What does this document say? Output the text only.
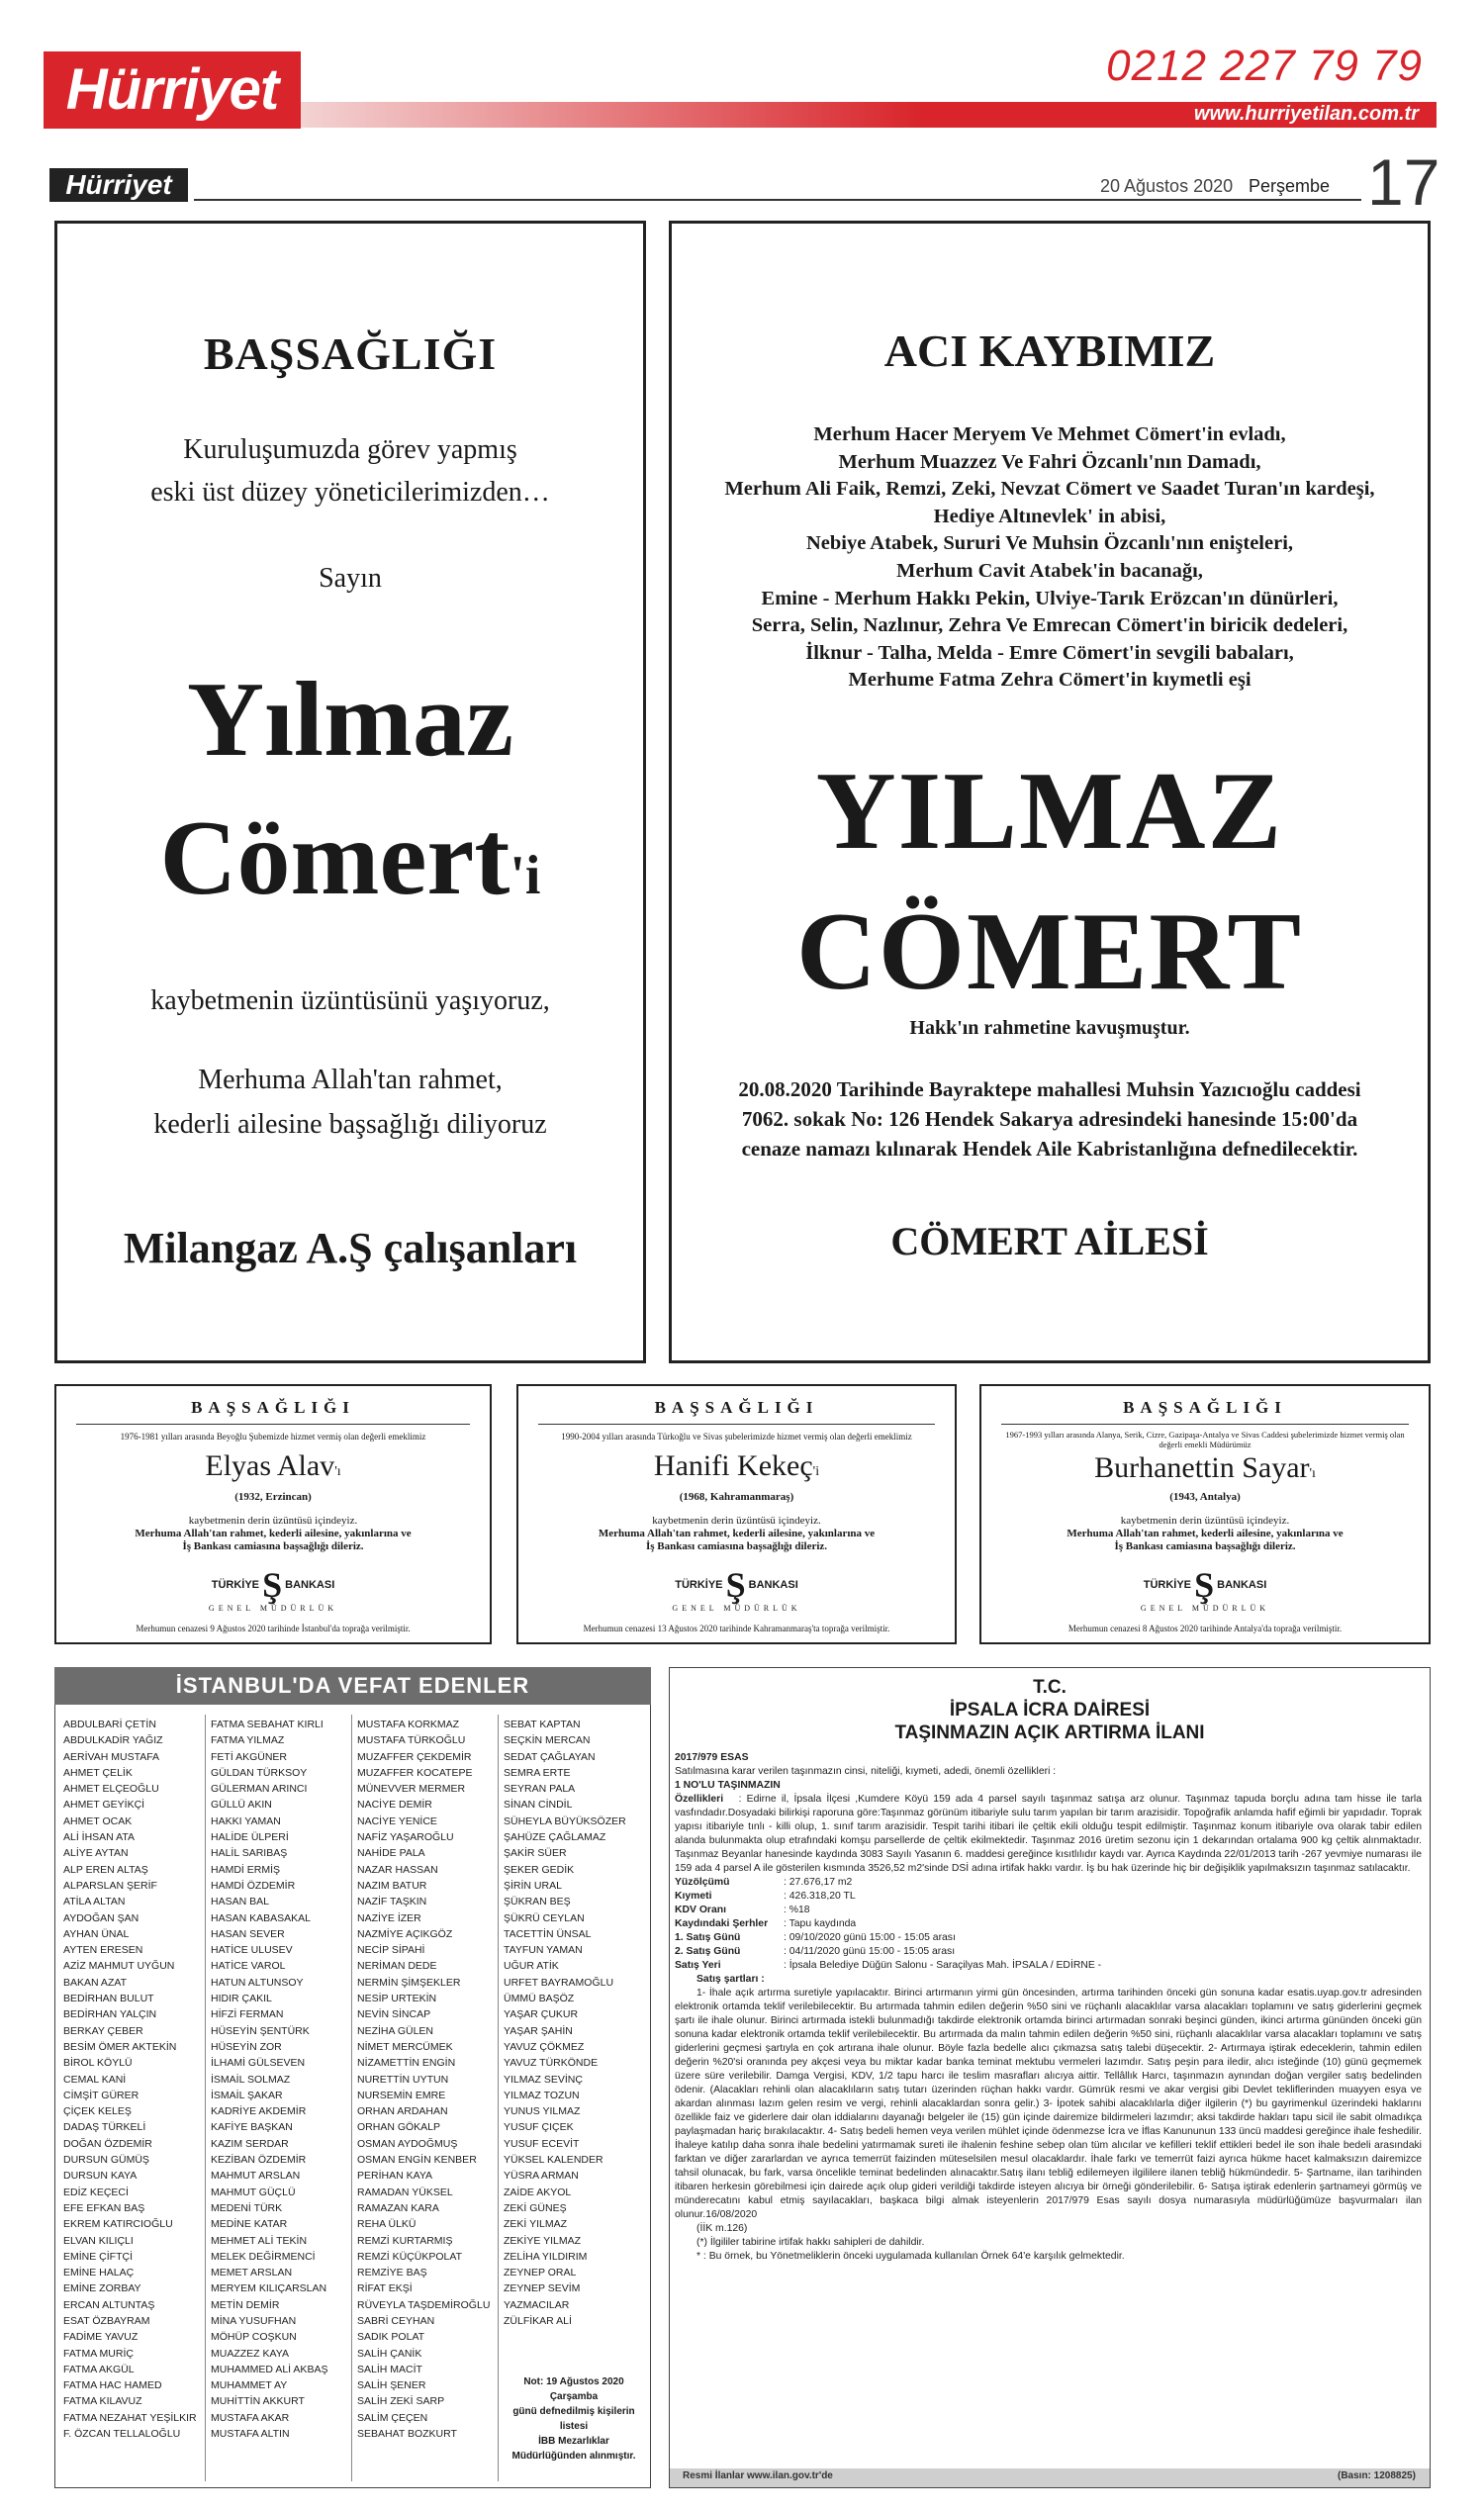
Hürriyet	0212 227 79 79
www.hurriyetilan.com.tr
Hürriyet	20 Ağustos 2020 Perşembe 17
BAŞSAĞLIĞI
Kuruluşumuzda görev yapmış
eski üst düzey yöneticilerimizden…
Sayın
Yılmaz
Cömert'i
kaybetmenin üzüntüsünü yaşıyoruz,
Merhuma Allah'tan rahmet,
kederli ailesine başsağlığı diliyoruz
Milangaz A.Ş çalışanları
ACI KAYBIMIZ
Merhum Hacer Meryem Ve Mehmet Cömert'in evladı,
Merhum Muazzez Ve Fahri Özcanlı'nın Damadı,
Merhum Ali Faik, Remzi, Zeki, Nevzat Cömert ve Saadet Turan'ın kardeşi,
Hediye Altınevlek' in abisi,
Nebiye Atabek, Sururi Ve Muhsin Özcanlı'nın enişteleri,
Merhum Cavit Atabek'in bacanağı,
Emine - Merhum Hakkı Pekin, Ulviye-Tarık Erözcan'ın dünürleri,
Serra, Selin, Nazlınur, Zehra Ve Emrecan Cömert'in biricik dedeleri,
İlknur - Talha, Melda - Emre Cömert'in sevgili babaları,
Merhume Fatma Zehra Cömert'in kıymetli eşi
YILMAZ
CÖMERT
Hakk'ın rahmetine kavuşmuştur.
20.08.2020 Tarihinde Bayraktepe mahallesi Muhsin Yazıcıoğlu caddesi
7062. sokak No: 126 Hendek Sakarya adresindeki hanesinde 15:00'da
cenaze namazı kılınarak Hendek Aile Kabristanlığına defnedilecektir.
CÖMERT AİLESİ
BAŞSAĞLIĞI
1976-1981 yılları arasında Beyoğlu Şubemizde hizmet vermiş olan değerli emeklimiz
Elyas Alav'ı
(1932, Erzincan)
kaybetmenin derin üzüntüsü içindeyiz.
Merhuma Allah'tan rahmet, kederli ailesine, yakınlarına ve
İş Bankası camiasına başsağlığı dileriz.
TÜRKİYE Ş BANKASI
GENEL MÜDÜRLÜK
Merhumun cenazesi 9 Ağustos 2020 tarihinde İstanbul'da toprağa verilmiştir.
BAŞSAĞLIĞI
1990-2004 yılları arasında Türkoğlu ve Sivas şubelerimizde hizmet vermiş olan değerli emeklimiz
Hanifi Kekeç'i
(1968, Kahramanmaraş)
kaybetmenin derin üzüntüsü içindeyiz.
Merhuma Allah'tan rahmet, kederli ailesine, yakınlarına ve
İş Bankası camiasına başsağlığı dileriz.
TÜRKİYE Ş BANKASI
GENEL MÜDÜRLÜK
Merhumun cenazesi 13 Ağustos 2020 tarihinde Kahramanmaraş'ta toprağa verilmiştir.
BAŞSAĞLIĞI
1967-1993 yılları arasında Alanya, Serik, Cizre, Gazipaşa-Antalya ve Sivas Caddesi şubelerimizde hizmet vermiş olan değerli emekli Müdürümüz
Burhanettin Sayar'ı
(1943, Antalya)
kaybetmenin derin üzüntüsü içindeyiz.
Merhuma Allah'tan rahmet, kederli ailesine, yakınlarına ve
İş Bankası camiasına başsağlığı dileriz.
TÜRKİYE Ş BANKASI
GENEL MÜDÜRLÜK
Merhumun cenazesi 8 Ağustos 2020 tarihinde Antalya'da toprağa verilmiştir.
İSTANBUL'DA VEFAT EDENLER
ABDULBARİ ÇETİN
ABDULKADİR YAĞIZ
AERİVAH MUSTAFA
AHMET ÇELİK
AHMET ELÇEOĞLU
AHMET GEYİKÇİ
AHMET OCAK
ALİ İHSAN ATA
ALİYE AYTAN
ALP EREN ALTAŞ
ALPARSLAN ŞERİF
ATİLA ALTAN
AYDOĞAN ŞAN
AYHAN ÜNAL
AYTEN ERESEN
AZİZ MAHMUT UYĞUN
BAKAN AZAT
BEDİRHAN BULUT
BEDİRHAN YALÇIN
BERKAY ÇEBER
BESİM ÖMER AKTEKİN
BİROL KÖYLÜ
CEMAL KANİ
CİMŞİT GÜRER
ÇİÇEK KELEŞ
DADAŞ TÜRKELİ
DOĞAN ÖZDEMİR
DURSUN GÜMÜŞ
DURSUN KAYA
EDİZ KEÇECİ
EFE EFKAN BAŞ
EKREM KATIRCIOĞLU
ELVAN KILIÇLI
EMİNE ÇİFTÇİ
EMİNE HALAÇ
EMİNE ZORBAY
ERCAN ALTUNTAŞ
ESAT ÖZBAYRAM
FADİME YAVUZ
FATMA MURİÇ
FATMA AKGÜL
FATMA HAC HAMED
FATMA KILAVUZ
FATMA NEZAHAT YEŞİLKIR
F. ÖZCAN TELLALOĞLU
FATMA SEBAHAT KIRLI
FATMA YILMAZ
FETİ AKGÜNER
GÜLDAN TÜRKSOY
GÜLERMAN ARINCI
GÜLLÜ AKIN
HAKKI YAMAN
HALİDE ÜLPERİ
HALİL SARIBAŞ
HAMDİ ERMİŞ
HAMDİ ÖZDEMİR
HASAN BAL
HASAN KABASAKAL
HASAN SEVER
HATİCE ULUSEV
HATİCE VAROL
HATUN ALTUNSOY
HIDIR ÇAKIL
HİFZİ FERMAN
HÜSEYİN ŞENTÜRK
HÜSEYİN ZOR
İLHAMİ GÜLSEVEN
İSMAİL SOLMAZ
İSMAİL ŞAKAR
KADRİYE AKDEMİR
KAFİYE BAŞKAN
KAZIM SERDAR
KEZİBAN ÖZDEMİR
MAHMUT ARSLAN
MAHMUT GÜÇLÜ
MEDENİ TÜRK
MEDİNE KATAR
MEHMET ALİ TEKİN
MELEK DEĞİRMENCİ
MEMET ARSLAN
MERYEM KILIÇARSLAN
METİN DEMİR
MİNA YUSUFHAN
MÖHÜP COŞKUN
MUAZZEZ KAYA
MUHAMMED ALİ AKBAŞ
MUHAMMET AY
MUHİTTİN AKKURT
MUSTAFA AKAR
MUSTAFA ALTIN
MUSTAFA KORKMAZ
MUSTAFA TÜRKOĞLU
MUZAFFER ÇEKDEMİR
MUZAFFER KOCATEPE
MÜNEVVER MERMER
NACİYE DEMİR
NACİYE YENİCE
NAFİZ YAŞAROĞLU
NAHİDE PALA
NAZAR HASSAN
NAZIM BATUR
NAZİF TAŞKIN
NAZİYE İZER
NAZMİYE AÇIKGÖZ
NECİP SİPAHİ
NERİMAN DEDE
NERMİN ŞİMŞEKLER
NESİP URTEKİN
NEVİN SİNCAP
NEZİHA GÜLEN
NİMET MERCÜMEK
NİZAMETTİN ENGİN
NURETTİN UYTUN
NURSEMİN EMRE
ORHAN ARDAHAN
ORHAN GÖKALP
OSMAN AYDOĞMUŞ
OSMAN ENGİN KENBER
PERİHAN KAYA
RAMADAN YÜKSEL
RAMAZAN KARA
REHA ÜLKÜ
REMZİ KURTARMIŞ
REMZİ KÜÇÜKPOLAT
REMZİYE BAŞ
RİFAT EKŞİ
RÜVEYLA TAŞDEMİROĞLU
SABRİ CEYHAN
SADIK POLAT
SALİH ÇANİK
SALİH MACİT
SALİH ŞENER
SALİH ZEKİ SARP
SALİM ÇEÇEN
SEBAHAT BOZKURT
SEBAT KAPTAN
SEÇKİN MERCAN
SEDAT ÇAĞLAYAN
SEMRA ERTE
SEYRAN PALA
SİNAN CİNDİL
SÜHEYLA BÜYÜKSÖZER
ŞAHÜZE ÇAĞLAMAZ
ŞAKİR SÜER
ŞEKER GEDİK
ŞİRİN URAL
ŞÜKRAN BEŞ
ŞÜKRÜ CEYLAN
TACETTİN ÜNSAL
TAYFUN YAMAN
UĞUR ATİK
URFET BAYRAMOĞLU
ÜMMÜ BAŞÖZ
YAŞAR ÇUKUR
YAŞAR ŞAHİN
YAVUZ ÇÖKMEZ
YAVUZ TÜRKÖNDE
YILMAZ SEVİNÇ
YILMAZ TOZUN
YUNUS YILMAZ
YUSUF ÇIÇEK
YUSUF ECEVİT
YÜKSEL KALENDER
YÜSRA ARMAN
ZAİDE AKYOL
ZEKİ GÜNEŞ
ZEKİ YILMAZ
ZEKİYE YILMAZ
ZELİHA YILDIRIM
ZEYNEP ORAL
ZEYNEP SEVİM
YAZMACILAR
ZÜLFİKAR ALİ
Not: 19 Ağustos 2020 Çarşamba
günü defnedilmiş kişilerin
listesi
İBB Mezarlıklar
Müdürlüğünden alınmıştır.
T.C.
İPSALA İCRA DAİRESİ
TAŞINMAZIN AÇIK ARTIRMA İLANI

2017/979 ESAS

Satılmasına karar verilen taşınmazın cinsi, niteliği, kıymeti, adedi, önemli özellikleri :

1 NO'LU TAŞINMAZIN

Özellikleri : Edirne il, İpsala İlçesi ,Kumdere Köyü 159 ada 4 parsel sayılı taşınmaz satışa arz olunur. Taşınmaz tapuda borçlu adına tam hisse ile tarla vasfındadır.Dosyadaki bilirkişi raporuna göre:Taşınmaz görünüm itibariyle sulu tarım yapılan bir tarım arazisidir. Topoğrafik anlamda hafif eğimli bir yapıdadır. Toprak yapısı itibariyle tınlı - killi olup, 1. sınıf tarım arazisidir. Tespit tarihi itibari ile çeltik ekili olduğu tespit edilmiştir. Taşınmaz konum itibariyle ova olarak tabir edilen alanda bulunmakta olup etrafındaki komşu parsellerde de çeltik ekilmektedir. Taşınmaz 2016 üretim sezonu için 1 dekarından ortalama 900 kg çeltik alınmaktadır. Taşınmaz Beyanlar hanesinde kaydında 3083 Sayılı Yasanın 6. maddesi gereğince kısıtlılıdır kaydı var. Ayrıca Kaydında 22/01/2013 tarih -267 yevmiye numarası ile 159 ada 4 parsel A ile gösterilen kısmında 3526,52 m2'sinde DSİ adına irtifak hakkı vardır. İş bu hak üzerinde hiç bir değişiklik yapılmaksızın taşınmaz satılacaktır.

Yüzölçümü	: 27.676,17 m2
Kıymeti	: 426.318,20 TL
KDV Oranı	: %18
Kaydındaki Şerhler	: Tapu kaydında
1. Satış Günü	: 09/10/2020 günü 15:00 - 15:05 arası
2. Satış Günü	: 04/11/2020 günü 15:00 - 15:05 arası
Satış Yeri	: İpsala Belediye Düğün Salonu - Saraçilyas Mah. İPSALA / EDİRNE -

Satış şartları :

1- İhale açık artırma suretiyle yapılacaktır. Birinci artırmanın yirmi gün öncesinden, artırma tarihinden önceki gün sonuna kadar esatis.uyap.gov.tr adresinden elektronik ortamda teklif verilebilecektir. Bu artırmada tahmin edilen değerin %50 sini ve rüçhanlı alacaklılar varsa alacakları toplamını ve satış giderlerini geçmek şartı ile ihale olunur. Birinci artırmada istekli bulunmadığı takdirde elektronik ortamda birinci artırmadan sonraki beşinci günden, ikinci artırma gününden önceki gün sonuna kadar elektronik ortamda teklif verilebilecektir. Bu artırmada da malın tahmin edilen değerin %50 sini, rüçhanlı alacaklılar varsa alacakları toplamını ve satış giderlerini geçmesi şartıyla en çok artırana ihale olunur. Böyle fazla bedelle alıcı çıkmazsa satış talebi düşecektir. 2- Artırmaya iştirak edeceklerin, tahmin edilen değerin %20'si oranında pey akçesi veya bu miktar kadar banka teminat mektubu vermeleri lazımdır. Satış peşin para iledir, alıcı isteğinde (10) günü geçmemek üzere süre verilebilir. Damga Vergisi, KDV, 1/2 tapu harcı ile teslim masrafları alıcıya aittir. Tellâllık Harcı, taşınmazın aynından doğan vergiler satış bedelinden ödenir. (Alacakları rehinli olan alacaklıların satış tutarı üzerinden rüçhan hakkı vardır. Gümrük resmi ve akar vergisi gibi Devlet tekliflerinden muayyen esya ve akardan alınması lazım gelen resim ve vergi, rehinli alacaklardan sonra gelir.) 3- İpotek sahibi alacaklılarla diğer ilgilerin (*) bu gayrimenkul üzerindeki haklarını özellikle faiz ve giderlere dair olan iddialarını dayanağı belgeler ile (15) gün içinde dairemize bildirmeleri lazımdır; aksi takdirde hakları tapu sicil ile sabit olmadıkça paylaşmadan hariç bırakılacaktır. 4- Satış bedeli hemen veya verilen mühlet içinde ödenmezse İcra ve İflas Kanununun 133 üncü maddesi gereğince ihale feshedilir. İhaleye katılıp daha sonra ihale bedelini yatırmamak sureti ile ihalenin feshine sebep olan tüm alıcılar ve kefilleri teklif ettikleri bedel ile son ihale bedeli arasındaki farktan ve diğer zararlardan ve ayrıca temerrüt faizinden müteselsilen mesul olacaklardır. İhale farkı ve temerrüt faizi ayrıca hükme hacet kalmaksızın dairemizce tahsil olunacak, bu fark, varsa öncelikle teminat bedelinden alınacaktır.Satış ilanı tebliğ edilemeyen ilgililere ilanen tebliğ hükmündedir. 5- Şartname, ilan tarihinden itibaren herkesin görebilmesi için dairede açık olup gideri verildiği takdirde isteyen alıcıya bir örneği gönderilebilir. 6- Satışa iştirak edenlerin şartnameyi görmüş ve münderecatını kabul etmiş sayılacakları, başkaca bilgi almak isteyenlerin 2017/979 Esas sayılı dosya numarasıyla müdürlüğümüze başvurmaları ilan olunur.16/08/2020

(İİK m.126)

(*) İlgililer tabirine irtifak hakkı sahipleri de dahildir.

* : Bu örnek, bu Yönetmeliklerin önceki uygulamada kullanılan Örnek 64'e karşılık gelmektedir.

Resmi İlanlar www.ilan.gov.tr'de	(Basın: 1208825)
